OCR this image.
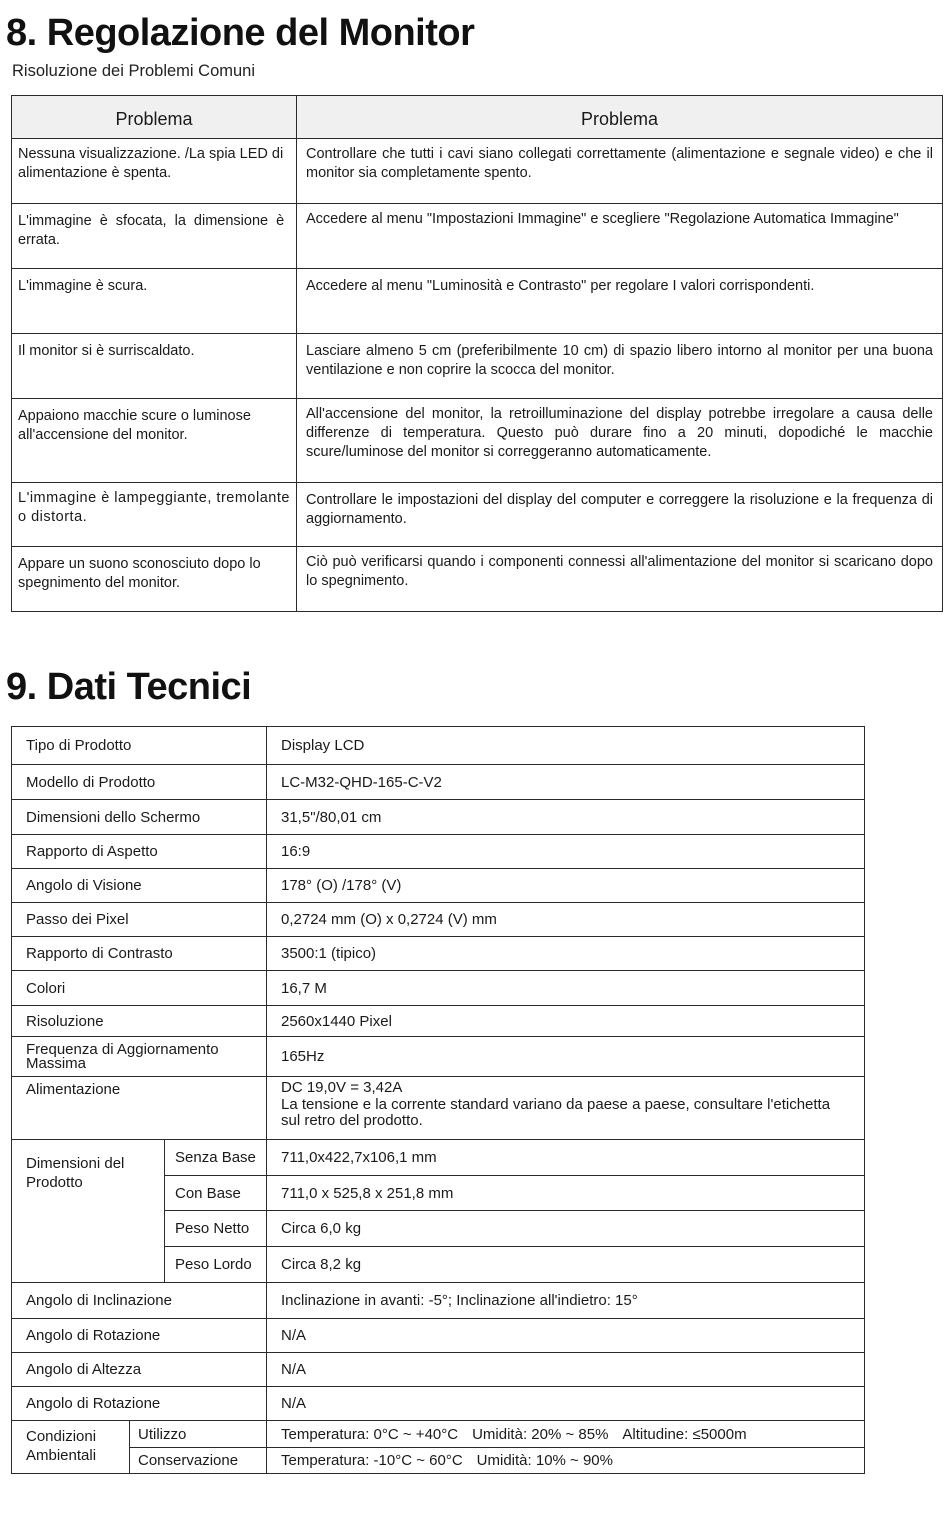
8. Regolazione del Monitor
Risoluzione dei Problemi Comuni
Problema	Problema
Nessuna visualizzazione. /La spia LED di alimentazione è spenta.	Controllare che tutti i cavi siano collegati correttamente (alimentazione e segnale video) e che il monitor sia completamente spento.
L'immagine è sfocata, la dimensione è errata.	Accedere al menu "Impostazioni Immagine" e scegliere "Regolazione Automatica Immagine"
L'immagine è scura.	Accedere al menu "Luminosità e Contrasto" per regolare I valori corrispondenti.
Il monitor si è surriscaldato.	Lasciare almeno 5 cm (preferibilmente 10 cm) di spazio libero intorno al monitor per una buona ventilazione e non coprire la scocca del monitor.
Appaiono macchie scure o luminose all'accensione del monitor.	All'accensione del monitor, la retroilluminazione del display potrebbe irregolare a causa delle differenze di temperatura. Questo può durare fino a 20 minuti, dopodiché le macchie scure/luminose del monitor si correggeranno automaticamente.
L'immagine è lampeggiante, tremolante o distorta.	Controllare le impostazioni del display del computer e correggere la risoluzione e la frequenza di aggiornamento.
Appare un suono sconosciuto dopo lo spegnimento del monitor.	Ciò può verificarsi quando i componenti connessi all'alimentazione del monitor si scaricano dopo lo spegnimento.
9. Dati Tecnici
Tipo di Prodotto			Display LCD
Modello di Prodotto			LC-M32-QHD-165-C-V2
Dimensioni dello Schermo			31,5"/80,01 cm
Rapporto di Aspetto			16:9
Angolo di Visione			178° (O) /178° (V)
Passo dei Pixel			0,2724 mm (O) x 0,2724 (V) mm
Rapporto di Contrasto			3500:1 (tipico)
Colori			16,7 M
Risoluzione			2560x1440 Pixel
Frequenza di Aggiornamento Massima			165Hz
Alimentazione			DC 19,0V = 3,42A
La tensione e la corrente standard variano da paese a paese, consultare l'etichetta sul retro del prodotto.

Dimensioni del Prodotto		Senza Base	711,0x422,7x106,1 mm
		Con Base	711,0 x 525,8 x 251,8 mm
		Peso Netto	Circa 6,0 kg
		Peso Lordo	Circa 8,2 kg
Angolo di Inclinazione			Inclinazione in avanti: -5°; Inclinazione all'indietro: 15°
Angolo di Rotazione			N/A
Angolo di Altezza			N/A
Angolo di Rotazione			N/A
Condizioni Ambientali	Utilizzo		Temperatura: 0°C ~ +40°C Umidità: 20% ~ 85% Altitudine: ≤5000m
	Conservazione		Temperatura: -10°C ~ 60°C Umidità: 10% ~ 90%
